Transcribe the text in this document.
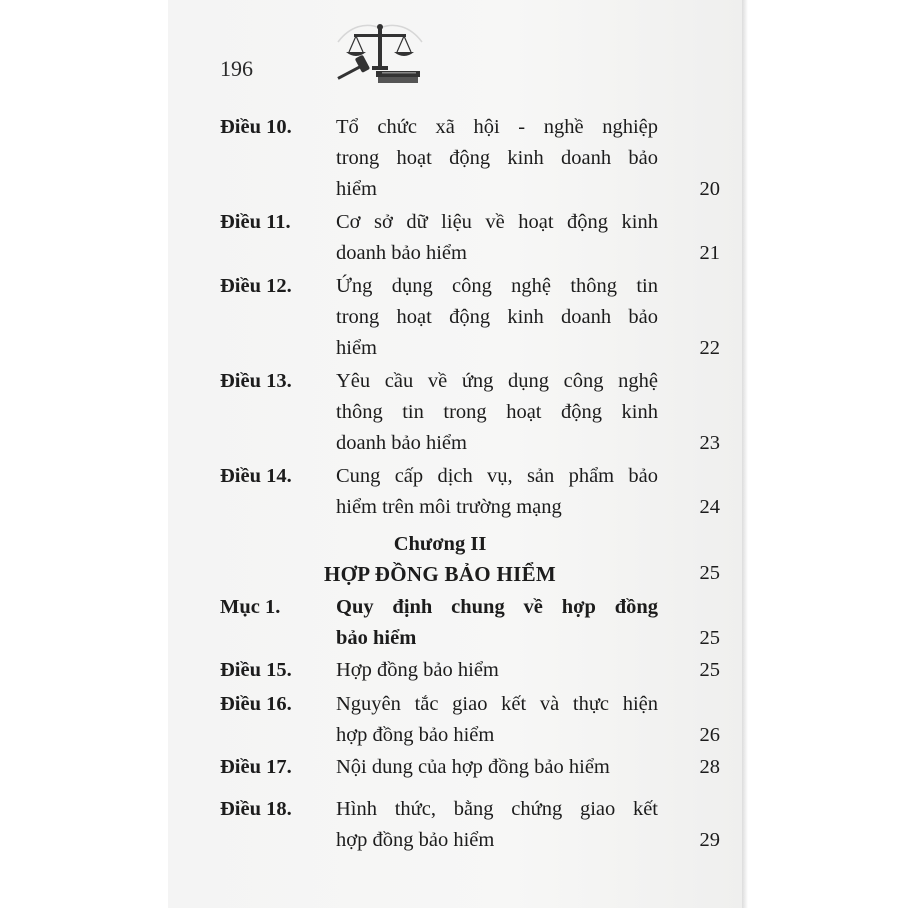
196
Điều 10. Tổ chức xã hội - nghề nghiệp
trong hoạt động kinh doanh bảo
hiểm	20
Điều 11. Cơ sở dữ liệu về hoạt động kinh
doanh bảo hiểm	21
Điều 12. Ứng dụng công nghệ thông tin
trong hoạt động kinh doanh bảo
hiểm	22
Điều 13. Yêu cầu về ứng dụng công nghệ
thông tin trong hoạt động kinh
doanh bảo hiểm	23
Điều 14. Cung cấp dịch vụ, sản phẩm bảo
hiểm trên môi trường mạng	24
Chương II
HỢP ĐỒNG BẢO HIỂM	25
Mục 1.	Quy định chung về hợp đồng
bảo hiểm	25
Điều 15. Hợp đồng bảo hiểm	25
Điều 16. Nguyên tắc giao kết và thực hiện
hợp đồng bảo hiểm	26
Điều 17. Nội dung của hợp đồng bảo hiểm	28
Điều 18. Hình thức, bằng chứng giao kết
hợp đồng bảo hiểm	29
